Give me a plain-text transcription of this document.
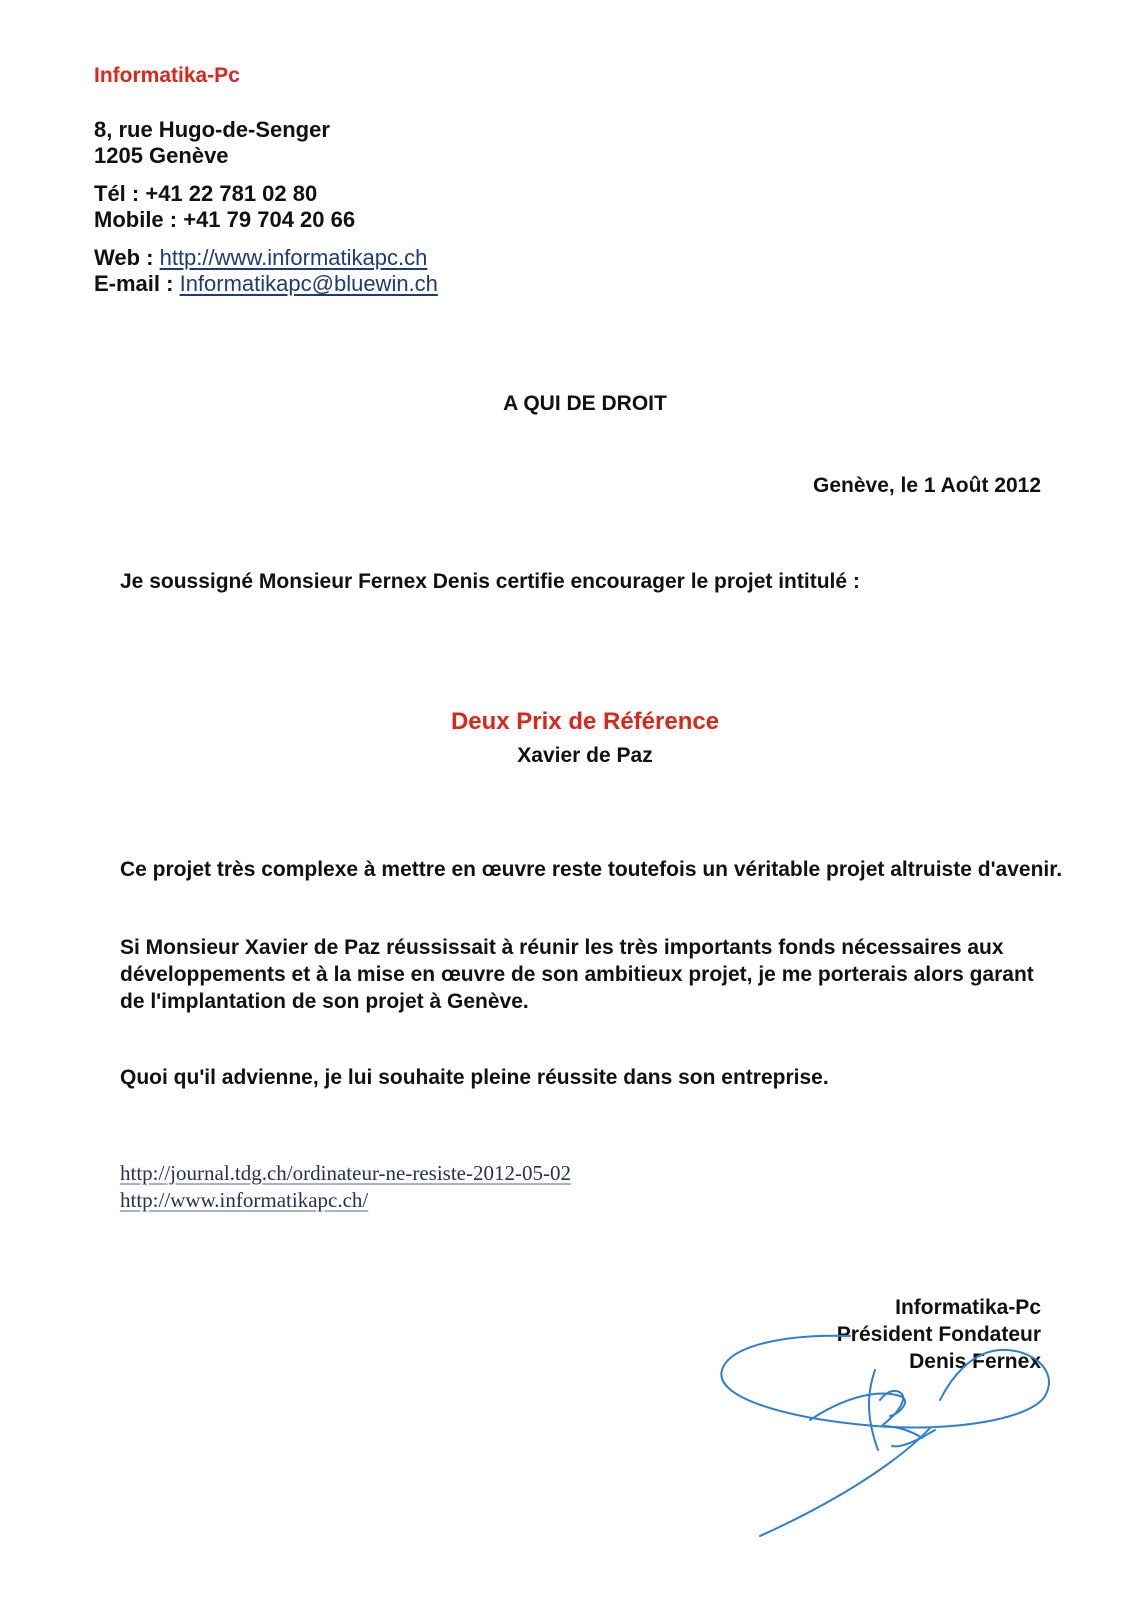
Informatika-Pc
8, rue Hugo-de-Senger
1205 Genève
Tél : +41 22 781 02 80
Mobile : +41 79 704 20 66
Web : http://www.informatikapc.ch
E-mail : Informatikapc@bluewin.ch
A QUI DE DROIT
Genève, le 1 Août 2012
Je soussigné Monsieur Fernex Denis certifie encourager le projet intitulé :
Deux Prix de Référence
Xavier de Paz
Ce projet très complexe à mettre en œuvre reste toutefois un véritable projet altruiste d'avenir.
Si Monsieur Xavier de Paz réussissait à réunir les très importants fonds nécessaires aux développements et à la mise en œuvre de son ambitieux projet, je me porterais alors garant de l'implantation de son projet à Genève.
Quoi qu'il advienne, je lui souhaite pleine réussite dans son entreprise.
http://journal.tdg.ch/ordinateur-ne-resiste-2012-05-02
http://www.informatikapc.ch/
Informatika-Pc
Président Fondateur
Denis Fernex
